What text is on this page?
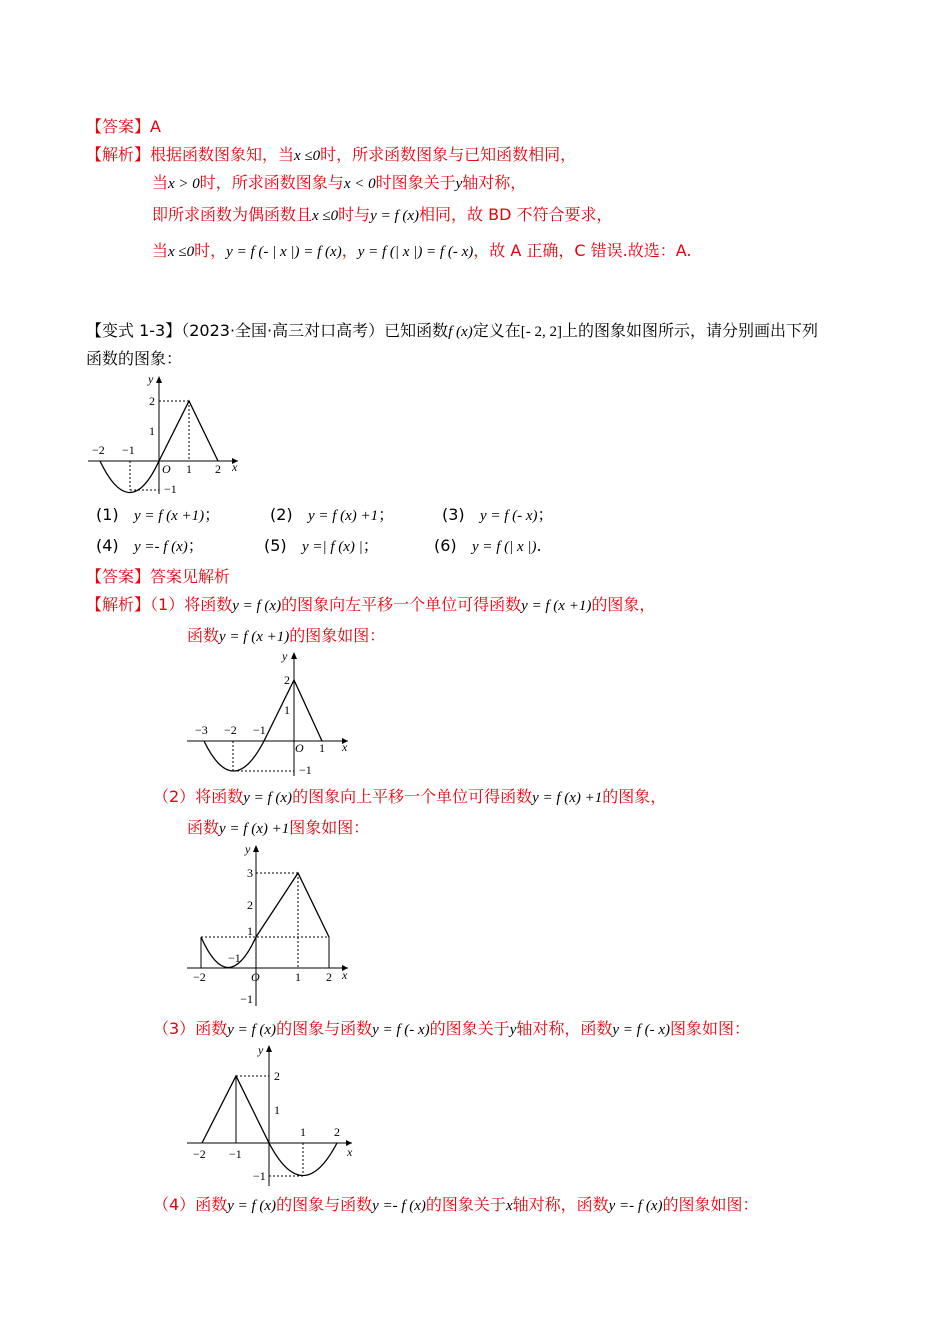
【答案】A
【解析】根据函数图象知，当x ≤0时，所求函数图象与已知函数相同，
当x > 0时，所求函数图象与x < 0时图象关于y轴对称，
即所求函数为偶函数且x ≤0时与y = f (x)相同，故 BD 不符合要求，
当x ≤0时，y = f (- | x |) = f (x)，y = f (| x |) = f (- x)，故 A 正确，C 错误.故选：A.
【变式 1-3】（2023·全国·高三对口高考）已知函数f (x)定义在[- 2, 2]上的图象如图所示，请分别画出下列
函数的图象：
y
x
O
−2 −1
1 2
2
1
−1
(1) y = f (x +1)；	(2) y = f (x) +1；	(3) y = f (- x)；
(4) y =- f (x)；	(5) y =| f (x) |；	(6) y = f (| x |).
【答案】答案见解析
【解析】（1）将函数y = f (x)的图象向左平移一个单位可得函数y = f (x +1)的图象，
函数y = f (x +1)的图象如图：
y
x
O
−3 −2 −1
1
2
1
−1
（2）将函数y = f (x)的图象向上平移一个单位可得函数y = f (x) +1的图象，
函数y = f (x) +1图象如图：
y
x
O
−2	1 2
−1
3
2
1
−1
（3）函数y = f (x)的图象与函数y = f (- x)的图象关于y轴对称，函数y = f (- x)图象如图：
y
x
−2 −1
1 2
2
1
−1
（4）函数y = f (x)的图象与函数y =- f (x)的图象关于x轴对称，函数y =- f (x)的图象如图：
